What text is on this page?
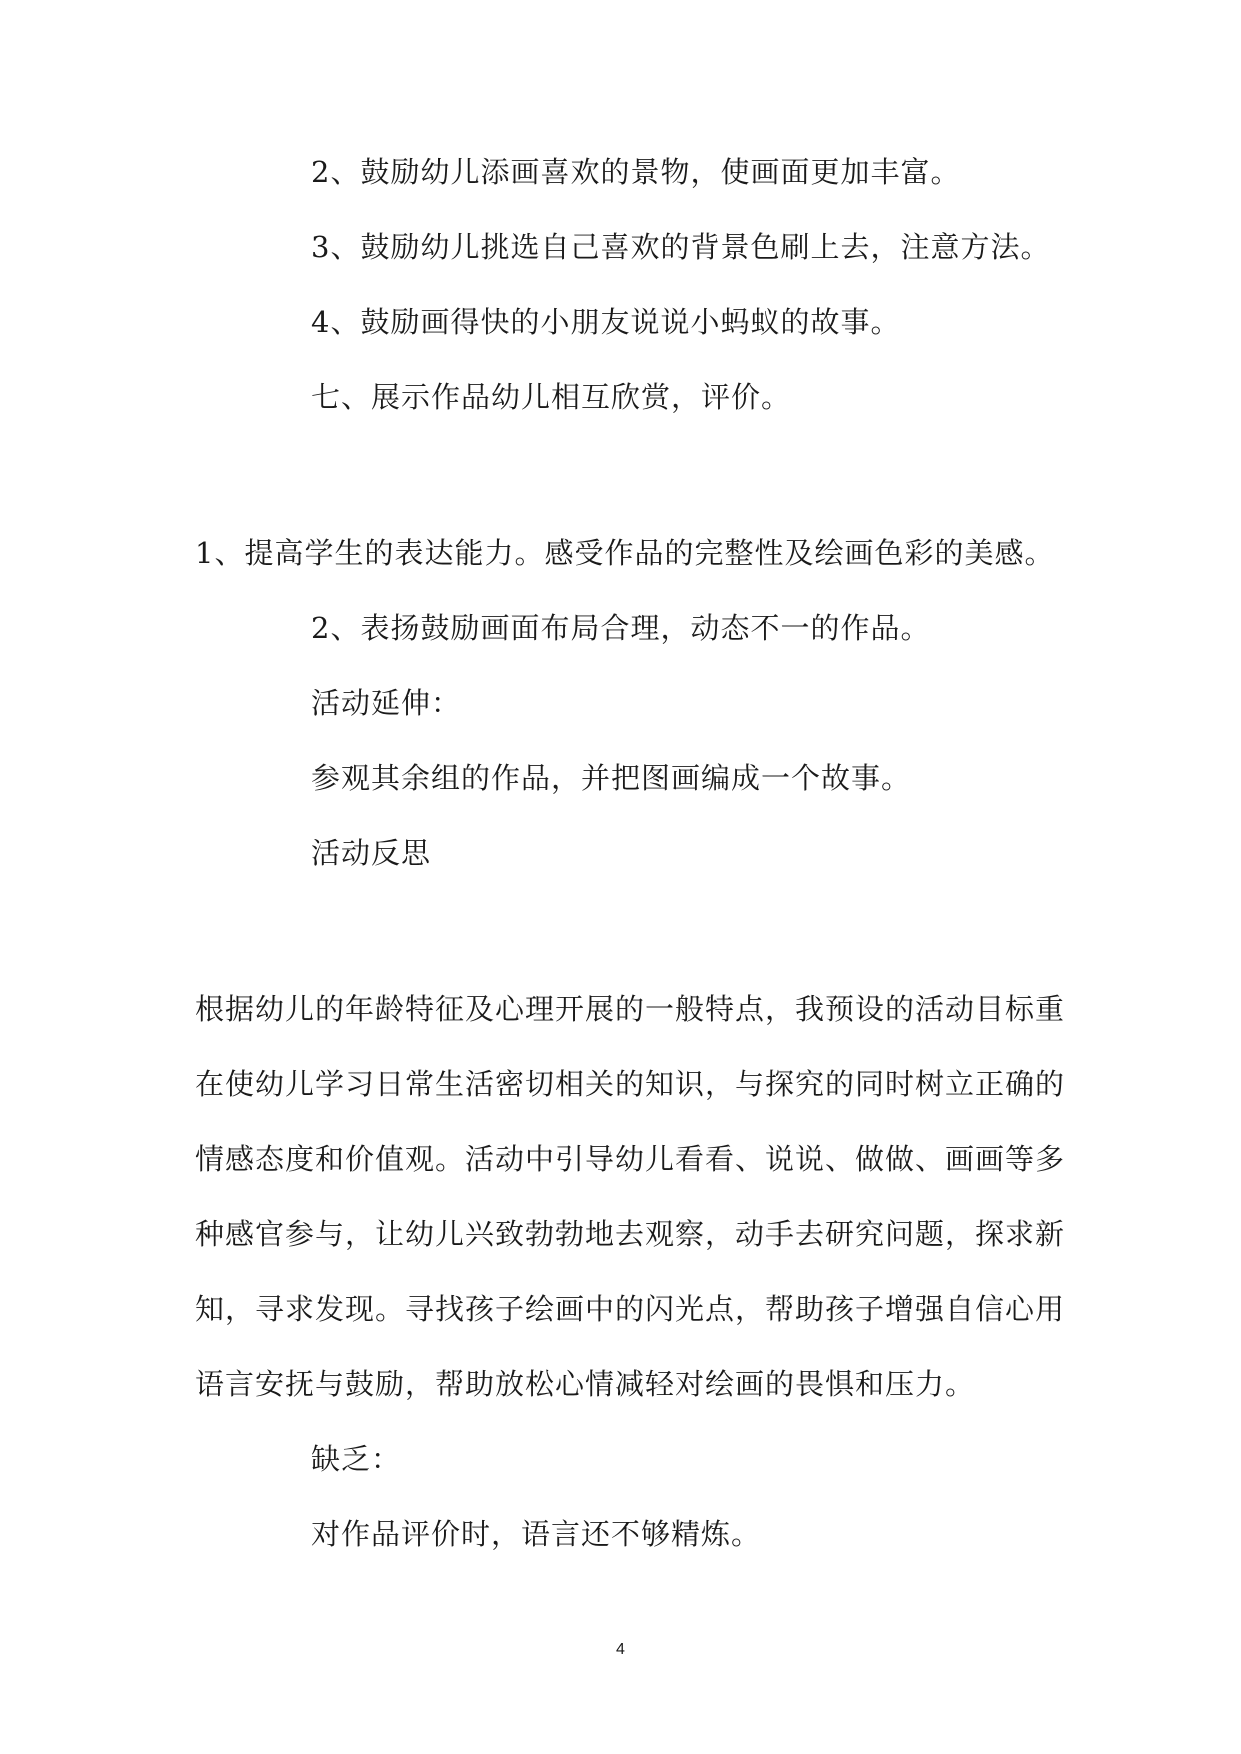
2、鼓励幼儿添画喜欢的景物，使画面更加丰富。
3、鼓励幼儿挑选自己喜欢的背景色刷上去，注意方法。
4、鼓励画得快的小朋友说说小蚂蚁的故事。
七、展示作品幼儿相互欣赏，评价。
1、提高学生的表达能力。感受作品的完整性及绘画色彩的美感。
2、表扬鼓励画面布局合理，动态不一的作品。
活动延伸：
参观其余组的作品，并把图画编成一个故事。
活动反思
根据幼儿的年龄特征及心理开展的一般特点，我预设的活动目标重
在使幼儿学习日常生活密切相关的知识，与探究的同时树立正确的
情感态度和价值观。活动中引导幼儿看看、说说、做做、画画等多
种感官参与，让幼儿兴致勃勃地去观察，动手去研究问题，探求新
知，寻求发现。寻找孩子绘画中的闪光点，帮助孩子增强自信心用
语言安抚与鼓励，帮助放松心情减轻对绘画的畏惧和压力。
缺乏：
对作品评价时，语言还不够精炼。
4
